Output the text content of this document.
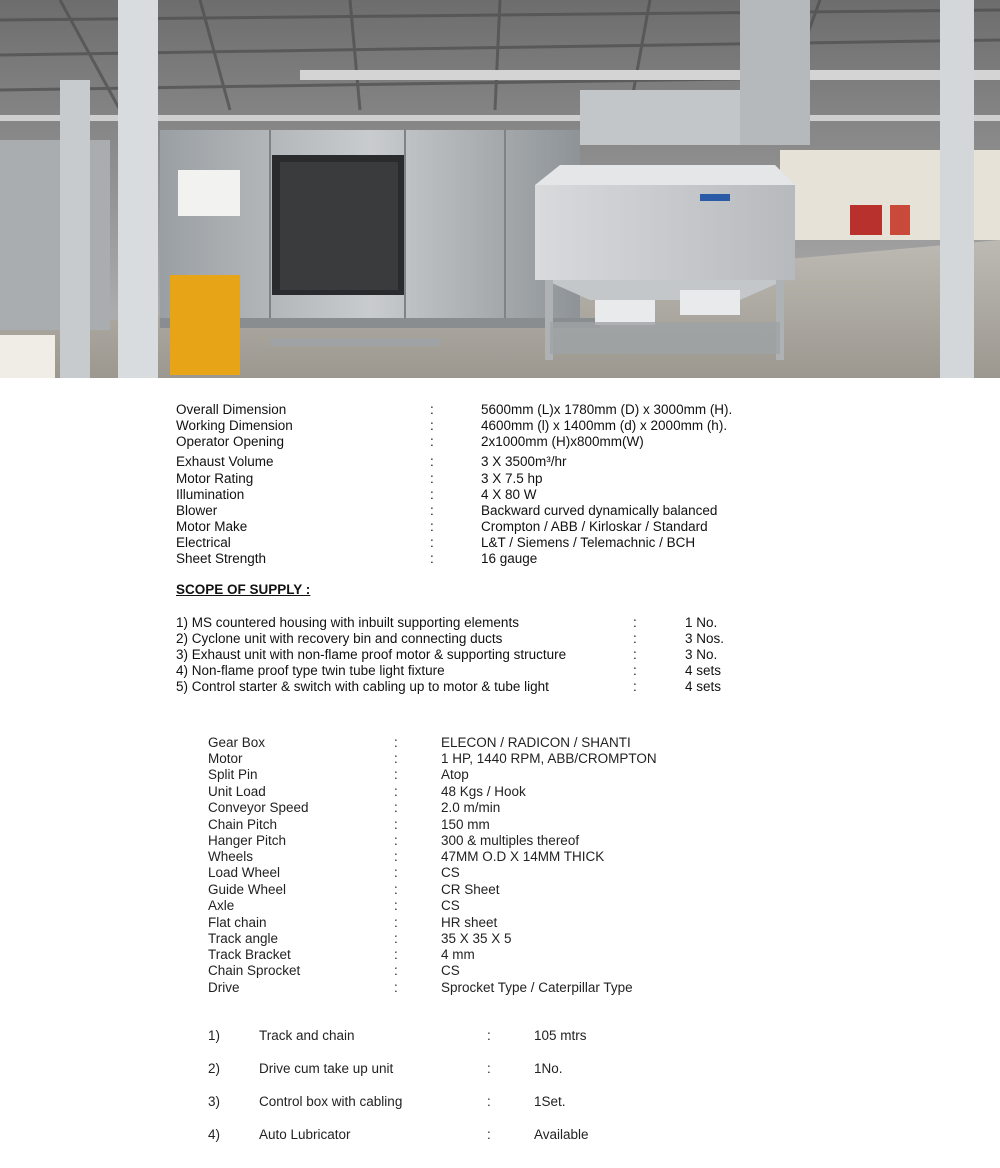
Overall Dimension	:	5600mm (L)x 1780mm (D) x 3000mm (H).
Working Dimension	:	4600mm (l) x 1400mm (d) x 2000mm (h).
Operator Opening	:	2x1000mm (H)x800mm(W)
Exhaust Volume	:	3 X 3500m³/hr
Motor Rating	:	3 X 7.5 hp
Illumination	:	4 X 80 W
Blower	:	Backward curved dynamically balanced
Motor Make	:	Crompton / ABB / Kirloskar / Standard
Electrical	:	L&T / Siemens / Telemachnic / BCH
Sheet Strength	:	16 gauge
SCOPE OF SUPPLY :
1) MS countered housing with inbuilt supporting elements	:	1 No.
2) Cyclone unit with recovery bin and connecting ducts	:	3 Nos.
3) Exhaust unit with non-flame proof motor & supporting structure	:	3 No.
4) Non-flame proof type twin tube light fixture	:	4 sets
5) Control starter & switch with cabling up to motor & tube light	:	4 sets
Gear Box	:	ELECON / RADICON / SHANTI
Motor	:	1 HP, 1440 RPM, ABB/CROMPTON
Split Pin	:	Atop
Unit Load	:	48 Kgs / Hook
Conveyor Speed	:	2.0 m/min
Chain Pitch	:	150 mm
Hanger Pitch	:	300 & multiples thereof
Wheels	:	47MM O.D X 14MM THICK
Load Wheel	:	CS
Guide Wheel	:	CR Sheet
Axle	:	CS
Flat chain	:	HR sheet
Track angle	:	35 X 35 X 5
Track Bracket	:	4 mm
Chain Sprocket	:	CS
Drive	:	Sprocket Type / Caterpillar Type
1)	Track and chain	:	105 mtrs
2)	Drive cum take up unit	:	1No.
3)	Control box with cabling	:	1Set.
4)	Auto Lubricator	:	Available
